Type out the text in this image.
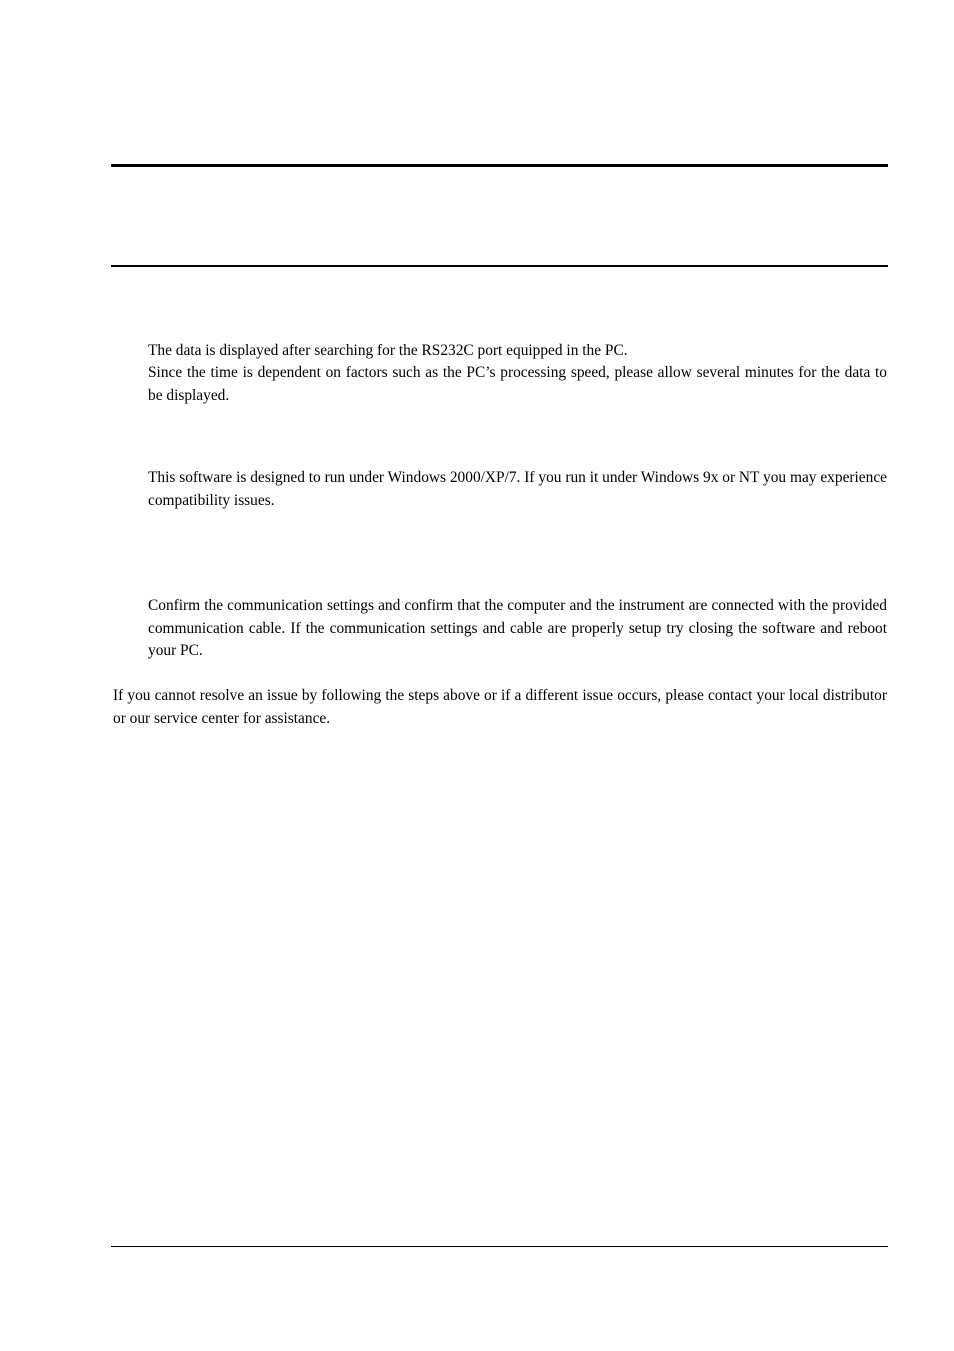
The data is displayed after searching for the RS232C port equipped in the PC.

Since the time is dependent on factors such as the PC’s processing speed, please allow several minutes for the data to be displayed.

This software is designed to run under Windows 2000/XP/7. If you run it under Windows 9x or NT you may experience compatibility issues.

Confirm the communication settings and confirm that the computer and the instrument are connected with the provided communication cable. If the communication settings and cable are properly setup try closing the software and reboot your PC.

If you cannot resolve an issue by following the steps above or if a different issue occurs, please contact your local distributor or our service center for assistance.
